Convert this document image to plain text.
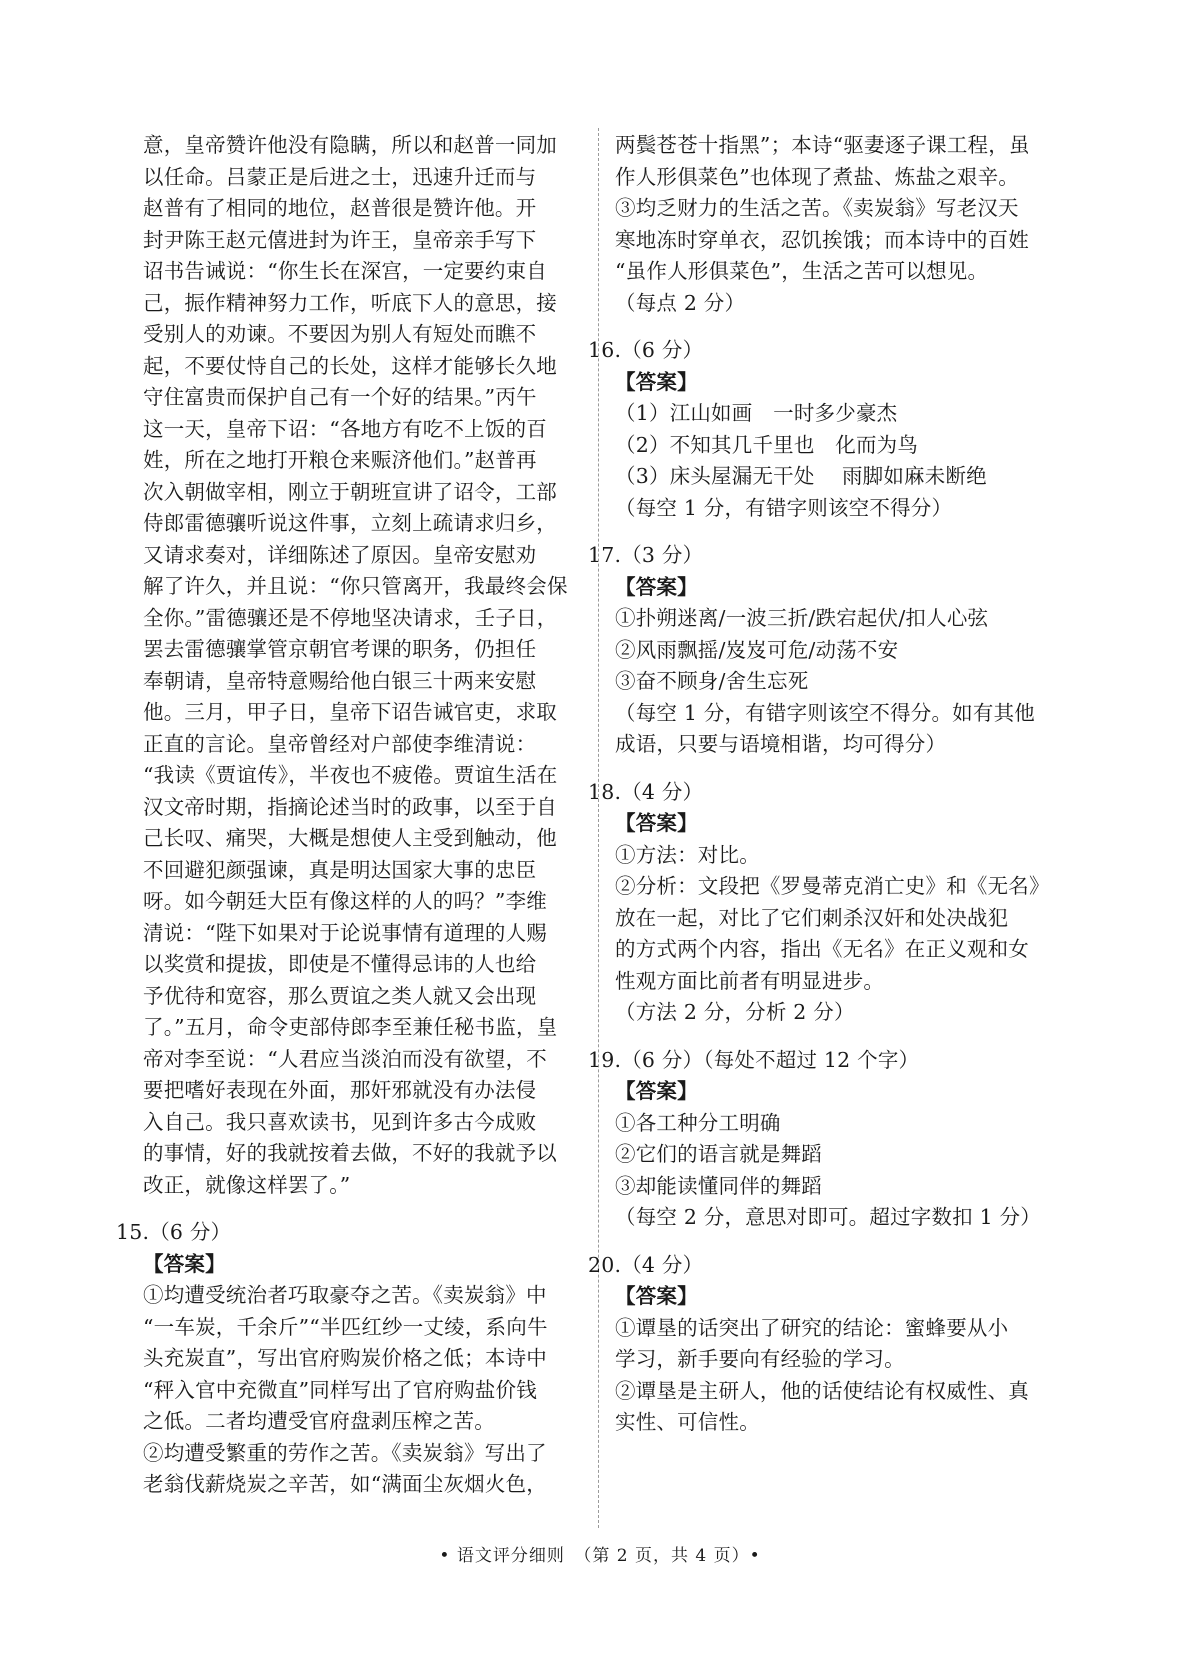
意，皇帝赞许他没有隐瞒，所以和赵普一同加
以任命。吕蒙正是后进之士，迅速升迁而与
赵普有了相同的地位，赵普很是赞许他。开
封尹陈王赵元僖进封为许王，皇帝亲手写下
诏书告诫说：“你生长在深宫，一定要约束自
己，振作精神努力工作，听底下人的意思，接
受别人的劝谏。不要因为别人有短处而瞧不
起，不要仗恃自己的长处，这样才能够长久地
守住富贵而保护自己有一个好的结果。”丙午
这一天，皇帝下诏：“各地方有吃不上饭的百
姓，所在之地打开粮仓来赈济他们。”赵普再
次入朝做宰相，刚立于朝班宣讲了诏令，工部
侍郎雷德骧听说这件事，立刻上疏请求归乡，
又请求奏对，详细陈述了原因。皇帝安慰劝
解了许久，并且说：“你只管离开，我最终会保
全你。”雷德骧还是不停地坚决请求，壬子日，
罢去雷德骧掌管京朝官考课的职务，仍担任
奉朝请，皇帝特意赐给他白银三十两来安慰
他。三月，甲子日，皇帝下诏告诫官吏，求取
正直的言论。皇帝曾经对户部使李维清说：
“我读《贾谊传》，半夜也不疲倦。贾谊生活在
汉文帝时期，指摘论述当时的政事，以至于自
己长叹、痛哭，大概是想使人主受到触动，他
不回避犯颜强谏，真是明达国家大事的忠臣
呀。如今朝廷大臣有像这样的人的吗？”李维
清说：“陛下如果对于论说事情有道理的人赐
以奖赏和提拔，即使是不懂得忌讳的人也给
予优待和宽容，那么贾谊之类人就又会出现
了。”五月，命令吏部侍郎李至兼任秘书监，皇
帝对李至说：“人君应当淡泊而没有欲望，不
要把嗜好表现在外面，那奸邪就没有办法侵
入自己。我只喜欢读书，见到许多古今成败
的事情，好的我就按着去做，不好的我就予以
改正，就像这样罢了。”
15.（6 分）
【答案】
①均遭受统治者巧取豪夺之苦。《卖炭翁》中
“一车炭，千余斤”“半匹红纱一丈绫，系向牛
头充炭直”，写出官府购炭价格之低；本诗中
“秤入官中充微直”同样写出了官府购盐价钱
之低。二者均遭受官府盘剥压榨之苦。
②均遭受繁重的劳作之苦。《卖炭翁》写出了
老翁伐薪烧炭之辛苦，如“满面尘灰烟火色，
两鬓苍苍十指黑”；本诗“驱妻逐子课工程，虽
作人形俱菜色”也体现了煮盐、炼盐之艰辛。
③均乏财力的生活之苦。《卖炭翁》写老汉天
寒地冻时穿单衣，忍饥挨饿；而本诗中的百姓
“虽作人形俱菜色”，生活之苦可以想见。
（每点 2 分）
16.（6 分）
【答案】
（1）江山如画　一时多少豪杰
（2）不知其几千里也　化而为鸟
（3）床头屋漏无干处　 雨脚如麻未断绝
（每空 1 分，有错字则该空不得分）
17.（3 分）
【答案】
①扑朔迷离/一波三折/跌宕起伏/扣人心弦
②风雨飘摇/岌岌可危/动荡不安
③奋不顾身/舍生忘死
（每空 1 分，有错字则该空不得分。如有其他
成语，只要与语境相谐，均可得分）
18.（4 分）
【答案】
①方法：对比。
②分析：文段把《罗曼蒂克消亡史》和《无名》
放在一起，对比了它们刺杀汉奸和处决战犯
的方式两个内容，指出《无名》在正义观和女
性观方面比前者有明显进步。
（方法 2 分，分析 2 分）
19.（6 分）（每处不超过 12 个字）
【答案】
①各工种分工明确
②它们的语言就是舞蹈
③却能读懂同伴的舞蹈
（每空 2 分，意思对即可。超过字数扣 1 分）
20.（4 分）
【答案】
①谭垦的话突出了研究的结论：蜜蜂要从小
学习，新手要向有经验的学习。
②谭垦是主研人，他的话使结论有权威性、真
实性、可信性。
• 语文评分细则　（第 2 页，共 4 页）•
